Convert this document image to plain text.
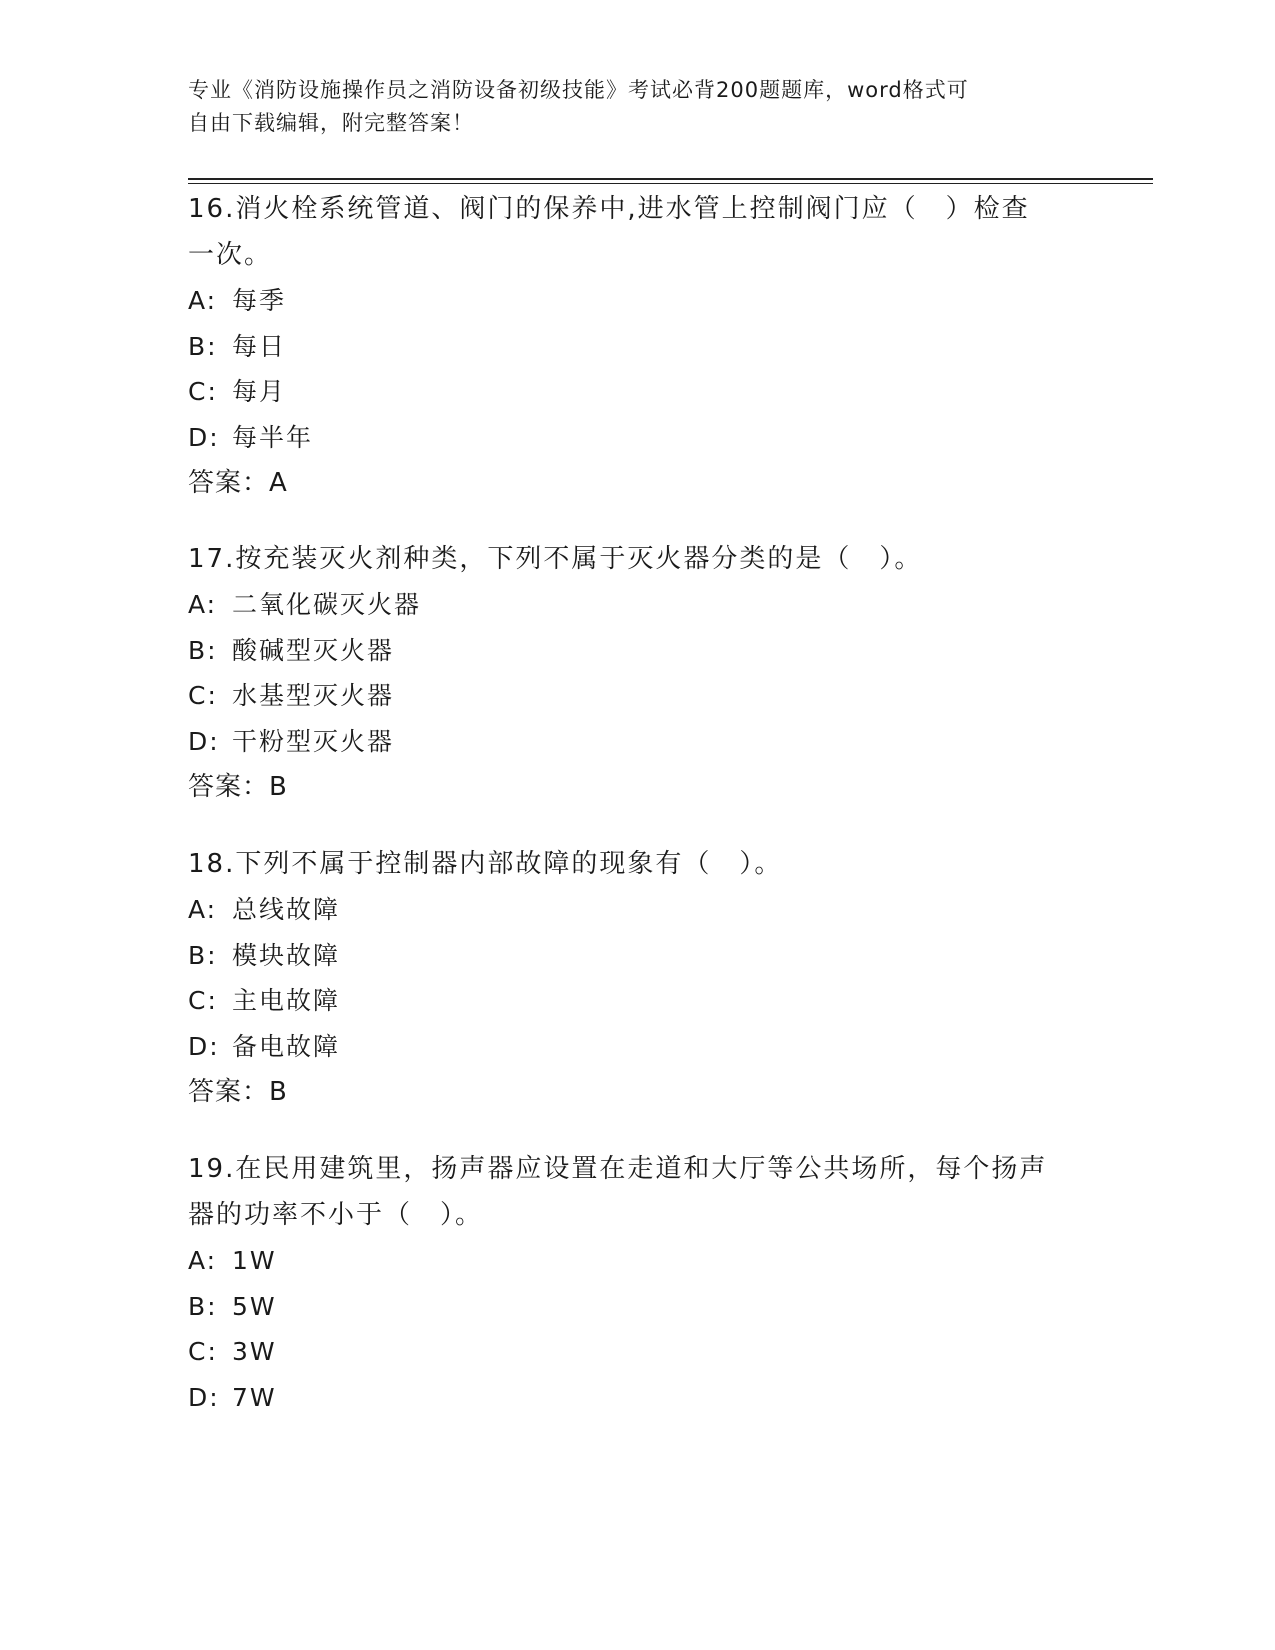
专业《消防设施操作员之消防设备初级技能》考试必背200题题库，word格式可
自由下载编辑，附完整答案！

16.消火栓系统管道、阀门的保养中,进水管上控制阀门应（　）检查

一次。

A: 每季

B: 每日

C: 每月

D: 每半年

答案：A

17.按充装灭火剂种类，下列不属于灭火器分类的是（　）。

A: 二氧化碳灭火器

B: 酸碱型灭火器

C: 水基型灭火器

D: 干粉型灭火器

答案：B

18.下列不属于控制器内部故障的现象有（　）。

A: 总线故障

B: 模块故障

C: 主电故障

D: 备电故障

答案：B

19.在民用建筑里，扬声器应设置在走道和大厅等公共场所，每个扬声

器的功率不小于（　）。

A: 1W

B: 5W

C: 3W

D: 7W
